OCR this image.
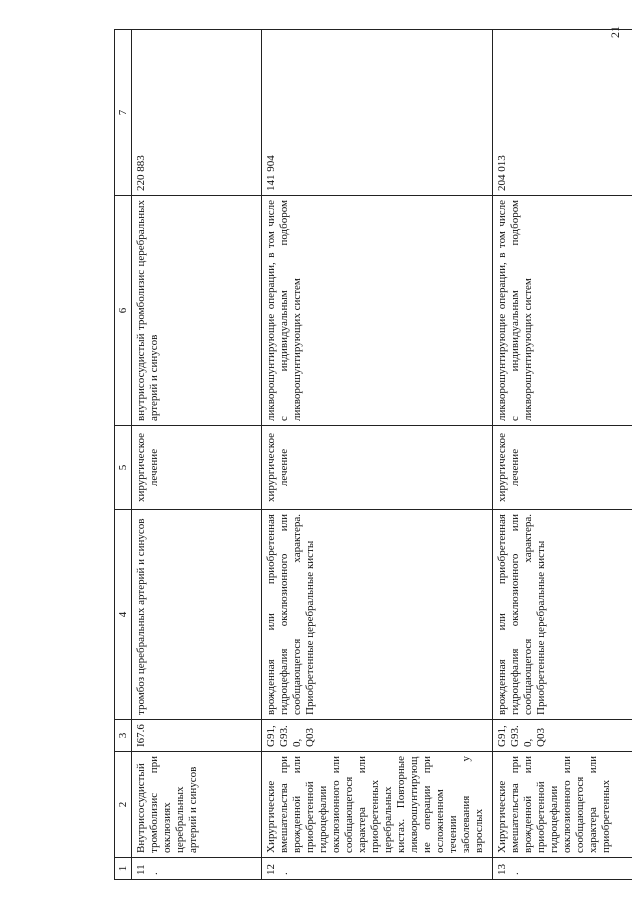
21
1	2	3	4	5	6	7
11.	Внутрисосудистый тромболизис при окклюзиях церебральных артерий и синусов	I67.6	тромбоз церебральных артерий и синусов	хирургическое лечение	внутрисосудистый тромболизис церебральных артерий и синусов	220 883
12.	Хирургические вмешательства при врожденной или приобретенной гидроцефалии окклюзионного или сообщающегося характера или приобретенных церебральных кистах. Повторные ликворошунтирующие операции при осложненном течении заболевания у взрослых	G91, G93.0, Q03	врожденная или приобретенная гидроцефалия окклюзионного или сообщающегося характера. Приобретенные церебральные кисты	хирургическое лечение	ликворошунтирующие операции, в том числе с индивидуальным подбором ликворошунтирующих систем	141 904
13.	Хирургические вмешательства при врожденной или приобретенной гидроцефалии окклюзионного или сообщающегося характера или приобретенных	G91, G93.0, Q03	врожденная или приобретенная гидроцефалия окклюзионного или сообщающегося характера. Приобретенные церебральные кисты	хирургическое лечение	ликворошунтирующие операции, в том числе с индивидуальным подбором ликворошунтирующих систем	204 013
